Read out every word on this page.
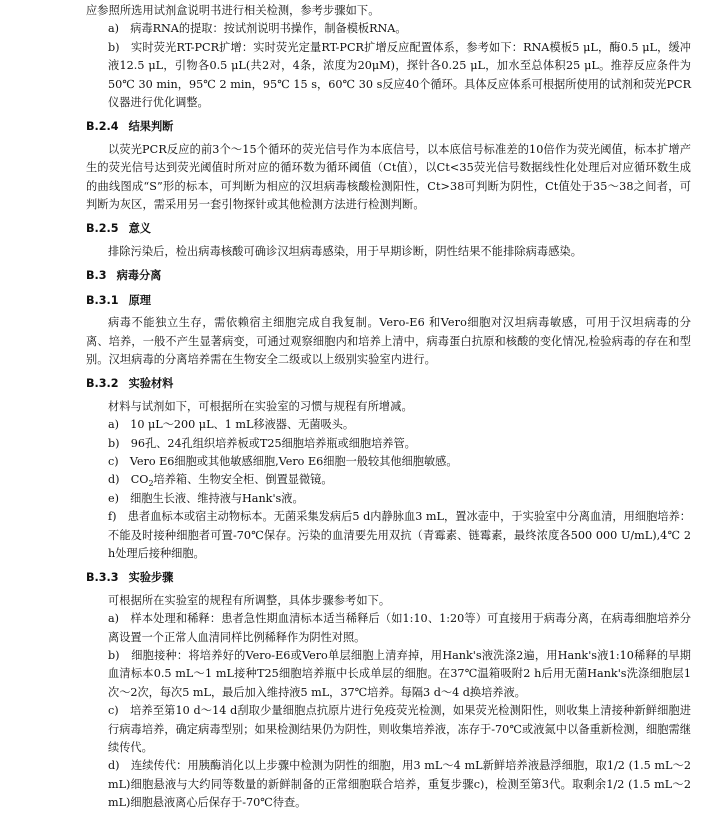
应参照所选用试剂盒说明书进行相关检测，参考步骤如下。

a)　病毒RNA的提取：按试剂说明书操作，制备模板RNA。

b)　实时荧光RT-PCR扩增：实时荧光定量RT-PCR扩增反应配置体系，参考如下：RNA模板5 μL，酶0.5 μL，缓冲液12.5 μL，引物各0.5 μL(共2对，4条，浓度为20μM)，探针各0.25 μL，加水至总体积25 μL。推荐反应条件为50℃ 30 min，95℃ 2 min，95℃ 15 s，60℃ 30 s反应40个循环。具体反应体系可根据所使用的试剂和荧光PCR仪器进行优化调整。

B.2.4 结果判断

以荧光PCR反应的前3个～15个循环的荧光信号作为本底信号，以本底信号标准差的10倍作为荧光阈值，标本扩增产生的荧光信号达到荧光阈值时所对应的循环数为循环阈值（Ct值），以Ct<35荧光信号数据线性化处理后对应循环数生成的曲线图成“S”形的标本，可判断为相应的汉坦病毒核酸检测阳性，Ct>38可判断为阴性，Ct值处于35～38之间者，可判断为灰区，需采用另一套引物探针或其他检测方法进行检测判断。

B.2.5 意义

排除污染后，检出病毒核酸可确诊汉坦病毒感染，用于早期诊断，阴性结果不能排除病毒感染。

B.3 病毒分离
B.3.1 原理

病毒不能独立生存，需依赖宿主细胞完成自我复制。Vero-E6 和Vero细胞对汉坦病毒敏感，可用于汉坦病毒的分离、培养，一般不产生显著病变，可通过观察细胞内和培养上清中，病毒蛋白抗原和核酸的变化情况,检验病毒的存在和型别。汉坦病毒的分离培养需在生物安全二级或以上级别实验室内进行。

B.3.2 实验材料

材料与试剂如下，可根据所在实验室的习惯与规程有所增减。

a)　10 μL～200 μL、1 mL移液器、无菌吸头。

b)　96孔、24孔组织培养板或T25细胞培养瓶或细胞培养管。

c)　Vero E6细胞或其他敏感细胞,Vero E6细胞一般较其他细胞敏感。

d)　$CO_2$培养箱、生物安全柜、倒置显微镜。

e)　细胞生长液、维持液与Hank's液。

f)　患者血标本或宿主动物标本。无菌采集发病后5 d内静脉血3 mL，置冰壶中，于实验室中分离血清，用细胞培养：不能及时接种细胞者可置-70℃保存。污染的血清要先用双抗（青霉素、链霉素，最终浓度各500 000 U/mL),4℃ 2 h处理后接种细胞。

B.3.3 实验步骤

可根据所在实验室的规程有所调整，具体步骤参考如下。

a)　样本处理和稀释：患者急性期血清标本适当稀释后（如1:10、1:20等）可直接用于病毒分离，在病毒细胞培养分离设置一个正常人血清同样比例稀释作为阴性对照。

b)　细胞接种：将培养好的Vero-E6或Vero单层细胞上清弃掉，用Hank's液洗涤2遍，用Hank's液1:10稀释的早期血清标本0.5 mL～1 mL接种T25细胞培养瓶中长成单层的细胞。在37℃温箱吸附2 h后用无菌Hank's洗涤细胞层1次～2次，每次5 mL，最后加入维持液5 mL，37℃培养。每隔3 d～4 d换培养液。

c)　培养至第10 d～14 d刮取少量细胞点抗原片进行免疫荧光检测，如果荧光检测阳性，则收集上清接种新鲜细胞进行病毒培养，确定病毒型别；如果检测结果仍为阴性，则收集培养液，冻存于-70℃或液氮中以备重新检测，细胞需继续传代。

d)　连续传代：用胰酶消化以上步骤中检测为阴性的细胞，用3 mL～4 mL新鲜培养液悬浮细胞，取1/2 (1.5 mL～2 mL)细胞悬液与大约同等数量的新鲜制备的正常细胞联合培养，重复步骤c)，检测至第3代。取剩余1/2 (1.5 mL～2 mL)细胞悬液离心后保存于-70℃待查。
